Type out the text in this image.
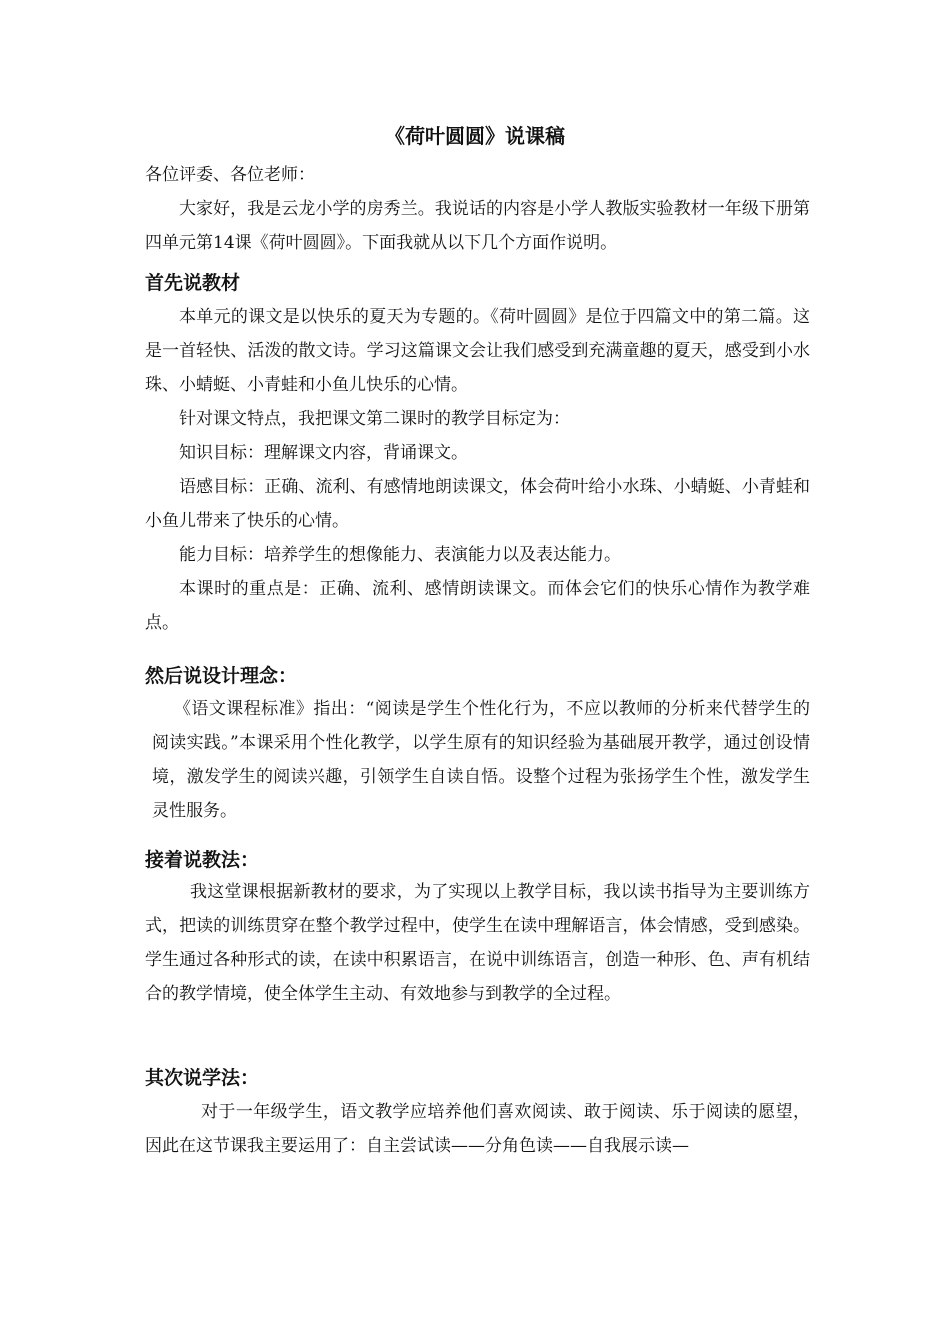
《荷叶圆圆》说课稿

各位评委、各位老师：

大家好，我是云龙小学的房秀兰。我说话的内容是小学人教版实验教材一年级下册第四单元第14课《荷叶圆圆》。下面我就从以下几个方面作说明。

首先说教材

本单元的课文是以快乐的夏天为专题的。《荷叶圆圆》是位于四篇文中的第二篇。这是一首轻快、活泼的散文诗。学习这篇课文会让我们感受到充满童趣的夏天，感受到小水珠、小蜻蜓、小青蛙和小鱼儿快乐的心情。

针对课文特点，我把课文第二课时的教学目标定为：

知识目标：理解课文内容，背诵课文。

语感目标：正确、流利、有感情地朗读课文，体会荷叶给小水珠、小蜻蜓、小青蛙和小鱼儿带来了快乐的心情。

能力目标：培养学生的想像能力、表演能力以及表达能力。

本课时的重点是：正确、流利、感情朗读课文。而体会它们的快乐心情作为教学难点。

然后说设计理念：

《语文课程标准》指出：“阅读是学生个性化行为，不应以教师的分析来代替学生的阅读实践。”本课采用个性化教学，以学生原有的知识经验为基础展开教学，通过创设情境，激发学生的阅读兴趣，引领学生自读自悟。设整个过程为张扬学生个性，激发学生灵性服务。

接着说教法：

我这堂课根据新教材的要求，为了实现以上教学目标，我以读书指导为主要训练方式，把读的训练贯穿在整个教学过程中，使学生在读中理解语言，体会情感，受到感染。学生通过各种形式的读，在读中积累语言，在说中训练语言，创造一种形、色、声有机结合的教学情境，使全体学生主动、有效地参与到教学的全过程。

其次说学法：

对于一年级学生，语文教学应培养他们喜欢阅读、敢于阅读、乐于阅读的愿望，因此在这节课我主要运用了：自主尝试读——分角色读——自我展示读—
